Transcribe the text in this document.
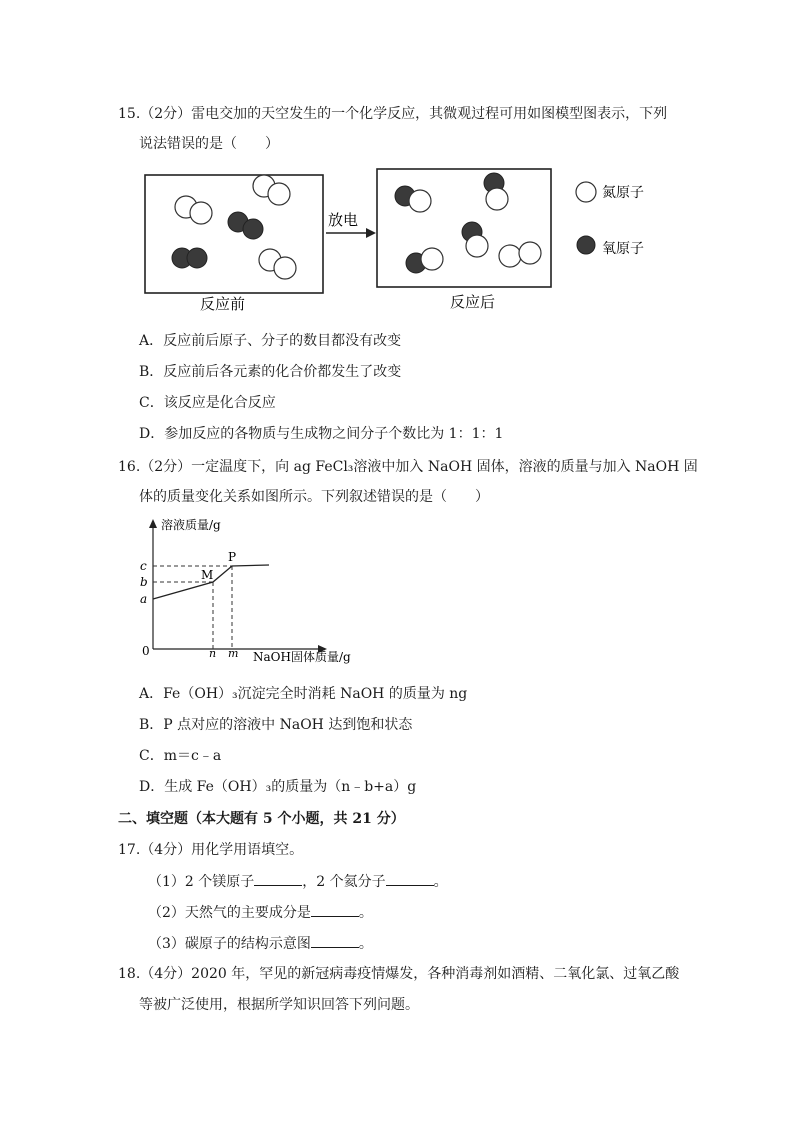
15.（2分）雷电交加的天空发生的一个化学反应，其微观过程可用如图模型图表示，下列
说法错误的是（　　）
反应前
放电
反应后
氮原子
氧原子
A．反应前后原子、分子的数目都没有改变
B．反应前后各元素的化合价都发生了改变
C．该反应是化合反应
D．参加反应的各物质与生成物之间分子个数比为 1：1：1
16.（2分）一定温度下，向 ag FeCl₃溶液中加入 NaOH 固体，溶液的质量与加入 NaOH 固
体的质量变化关系如图所示。下列叙述错误的是（　　）
溶液质量/g
NaOH固体质量/g
0
c
b
a
n m
M
P
A．Fe（OH）₃沉淀完全时消耗 NaOH 的质量为 ng
B．P 点对应的溶液中 NaOH 达到饱和状态
C．m＝c﹣a
D．生成 Fe（OH）₃的质量为（n﹣b+a）g
二、填空题（本大题有 5 个小题，共 21 分）
17.（4分）用化学用语填空。
（1）2 个镁原子	，2 个氦分子	。
（2）天然气的主要成分是	。
（3）碳原子的结构示意图	。
18.（4分）2020 年，罕见的新冠病毒疫情爆发，各种消毒剂如酒精、二氧化氯、过氧乙酸
等被广泛使用，根据所学知识回答下列问题。
